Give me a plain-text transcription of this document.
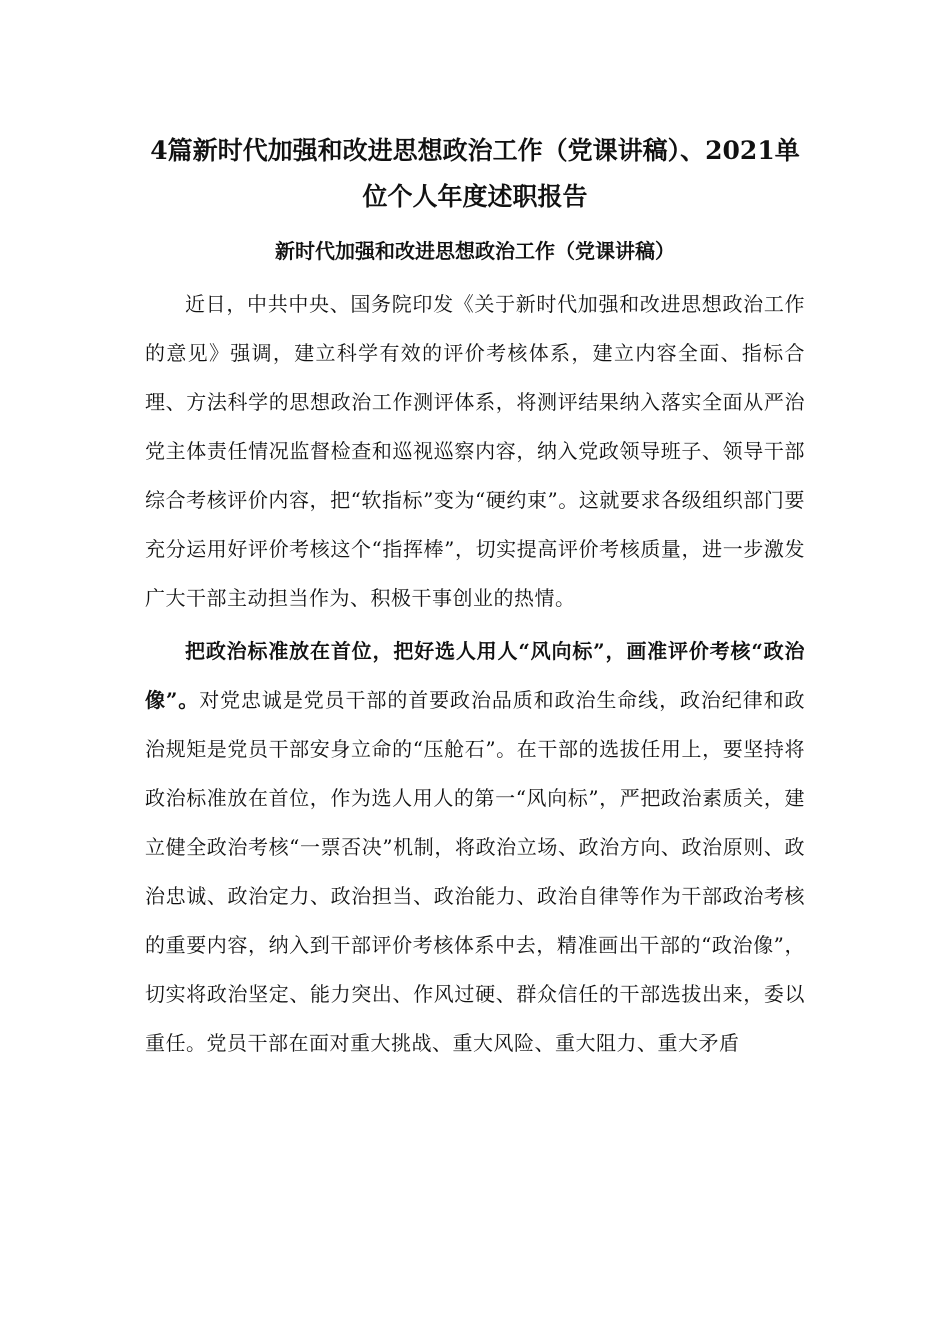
4篇新时代加强和改进思想政治工作（党课讲稿）、2021单位个人年度述职报告
新时代加强和改进思想政治工作（党课讲稿）

近日，中共中央、国务院印发《关于新时代加强和改进思想政治工作的意见》强调，建立科学有效的评价考核体系，建立内容全面、指标合理、方法科学的思想政治工作测评体系，将测评结果纳入落实全面从严治党主体责任情况监督检查和巡视巡察内容，纳入党政领导班子、领导干部综合考核评价内容，把“软指标”变为“硬约束”。这就要求各级组织部门要充分运用好评价考核这个“指挥棒”，切实提高评价考核质量，进一步激发广大干部主动担当作为、积极干事创业的热情。

把政治标准放在首位，把好选人用人“风向标”，画准评价考核“政治像”。对党忠诚是党员干部的首要政治品质和政治生命线，政治纪律和政治规矩是党员干部安身立命的“压舱石”。在干部的选拔任用上，要坚持将政治标准放在首位，作为选人用人的第一“风向标”，严把政治素质关，建立健全政治考核“一票否决”机制，将政治立场、政治方向、政治原则、政治忠诚、政治定力、政治担当、政治能力、政治自律等作为干部政治考核的重要内容，纳入到干部评价考核体系中去，精准画出干部的“政治像”，切实将政治坚定、能力突出、作风过硬、群众信任的干部选拔出来，委以重任。党员干部在面对重大挑战、重大风险、重大阻力、重大矛盾
